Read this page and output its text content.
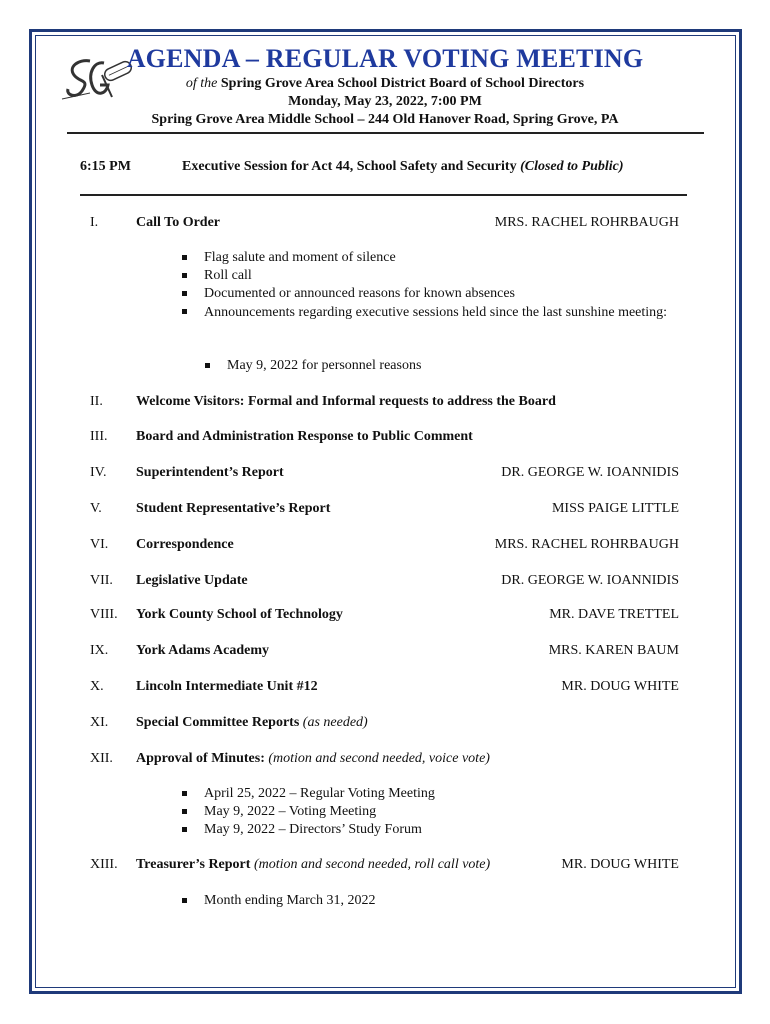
AGENDA – REGULAR VOTING MEETING
of the Spring Grove Area School District Board of School Directors
Monday, May 23, 2022, 7:00 PM
Spring Grove Area Middle School – 244 Old Hanover Road, Spring Grove, PA
6:15 PM	Executive Session for Act 44, School Safety and Security (Closed to Public)
I.	Call To Order	MRS. RACHEL ROHRBAUGH
Flag salute and moment of silence
Roll call
Documented or announced reasons for known absences
Announcements regarding executive sessions held since the last sunshine meeting:
May 9, 2022 for personnel reasons
II. Welcome Visitors: Formal and Informal requests to address the Board
III. Board and Administration Response to Public Comment
IV. Superintendent’s Report	DR. GEORGE W. IOANNIDIS
V. Student Representative’s Report	MISS PAIGE LITTLE
VI. Correspondence	MRS. RACHEL ROHRBAUGH
VII. Legislative Update	DR. GEORGE W. IOANNIDIS
VIII. York County School of Technology	MR. DAVE TRETTEL
IX. York Adams Academy	MRS. KAREN BAUM
X. Lincoln Intermediate Unit #12	MR. DOUG WHITE
XI. Special Committee Reports (as needed)
XII. Approval of Minutes: (motion and second needed, voice vote)
April 25, 2022 – Regular Voting Meeting
May 9, 2022 – Voting Meeting
May 9, 2022 – Directors’ Study Forum
XIII. Treasurer’s Report (motion and second needed, roll call vote)	MR. DOUG WHITE
Month ending March 31, 2022
